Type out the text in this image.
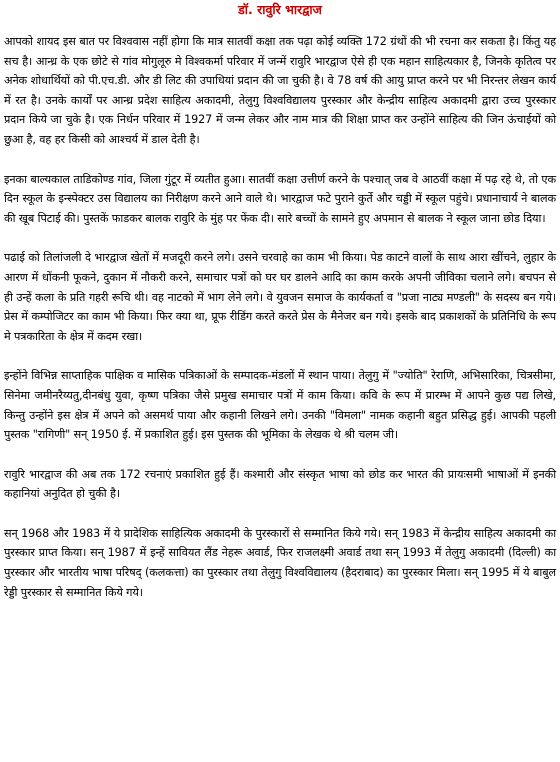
डॉ. रावुरि भारद्वाज

आपको शायद इस बात पर विश्ववास नहीं होगा कि मात्र सातवीं कक्षा तक पढ़ा कोई व्यक्ति 172 ग्रंथों की भी रचना कर सकता है। किंतु यह सच है। आन्ध्र के एक छोटे से गांव मोगुलूरु मे विश्वकर्मा परिवार में जन्में रावुरि भारद्वाज ऐसे ही एक महान साहित्यकार है, जिनके कृतित्व पर अनेक शोधार्थियों को पी.एच.डी. और डी लिट की उपाधियां प्रदान की जा चुकी है। वे 78 वर्ष की आयु प्राप्त करने पर भी निरन्तर लेखन कार्य में रत है। उनके कार्यों पर आन्ध्र प्रदेश साहित्य अकादमी, तेलुगु विश्वविद्यालय पुरस्कार और केन्द्रीय साहित्य अकादमी द्वारा उच्च पुरस्कार प्रदान किये जा चुके है। एक निर्धन परिवार में 1927 में जन्म लेकर और नाम मात्र की शिक्षा प्राप्त कर उन्होंने साहित्य की जिन ऊंचाईयों को छुआ है, वह हर किसी को आश्चर्य में डाल देती है।

इनका बाल्यकाल ताडिकोण्ड गांव, जिला गुंटूर में व्यतीत हुआ। सातवीं कक्षा उत्तीर्ण करने के पश्चात् जब वे आठवीं कक्षा में पढ़ रहे थे, तो एक दिन स्कूल के इन्स्पेक्टर उस विद्यालय का निरीक्षण करने आने वाले थे। भारद्वाज फटे पुराने कुर्ते और चड्डी में स्कूल पहुंचे। प्रधानाचार्य ने बालक की खूब पिटाई की। पुस्तकें फाडकर बालक रावुरि के मुंह पर फेंक दी। सारे बच्चों के सामने हुए अपमान से बालक ने स्कूल जाना छोड दिया।

पढाई को तिलांजली दे भारद्वाज खेतों में मजदूरी करने लगे। उसने चरवाहे का काम भी किया। पेड काटने वालों के साथ आरा खींचने, लुहार के आरण में धोंकनी फूकने, दुकान में नौकरी करने, समाचार पत्रों को घर घर डालने आदि का काम करके अपनी जीविका चलाने लगे। बचपन से ही उन्हें कला के प्रति गहरी रूचि थी। वह नाटको में भाग लेने लगे। वे युवजन समाज के कार्यकर्ता व "प्रजा नाट्य मण्डली" के सदस्य बन गये। प्रेस में कम्पोजिटर का काम भी किया। फिर क्या था, प्रूफ रीडिंग करते करते प्रेस के मैनेजर बन गये। इसके बाद प्रकाशकों के प्रतिनिधि के रूप मे पत्रकारिता के क्षेत्र में कदम रखा।

इन्होंने विभिन्न साप्ताहिक पाक्षिक व मासिक पत्रिकाओं के सम्पादक-मंडलों में स्थान पाया। तेलुगु में "ज्योति" रेराणि, अभिसारिका, चित्रसीमा, सिनेमा जमीनरैय्यतु,दीनबंधु युवा, कृष्ण पत्रिका जैसे प्रमुख समाचार पत्रों में काम किया। कवि के रूप में प्रारम्भ में आपने कुछ पद्य लिखे, किन्तु उन्होंने इस क्षेत्र में अपने को असमर्थ पाया और कहानी लिखने लगे। उनकी "विमला" नामक कहानी बहुत प्रसिद्ध हुई। आपकी पहली पुस्तक "रागिणी" सन् 1950 ई. में प्रकाशित हुई। इस पुस्तक की भूमिका के लेखक थे श्री चलम जी।

रावुरि भारद्वाज की अब तक 172 रचनाएं प्रकाशित हुई हैं। कश्मारी और संस्कृत भाषा को छोड कर भारत की प्रायःसमी भाषाओं में इनकी कहानियां अनुदित हो चुकी है।

सन् 1968 और 1983 में ये प्रादेशिक साहित्यिक अकादमी के पुरस्कारों से सम्मानित किये गये। सन् 1983 में केन्द्रीय साहित्य अकादमी का पुरस्कार प्राप्त किया। सन् 1987 में इन्हें सावियत लैंड नेहरू अवार्ड, फिर राजलक्ष्मी अवार्ड तथा सन् 1993 में तेलुगु अकादमी (दिल्ली) का पुरस्कार और भारतीय भाषा परिषद् (कलकत्ता) का पुरस्कार तथा तेलुगु विश्वविद्यालय (हैदराबाद) का पुरस्कार मिला। सन् 1995 में ये बाबुल रेड्डी पुरस्कार से सम्मानित किये गये।
